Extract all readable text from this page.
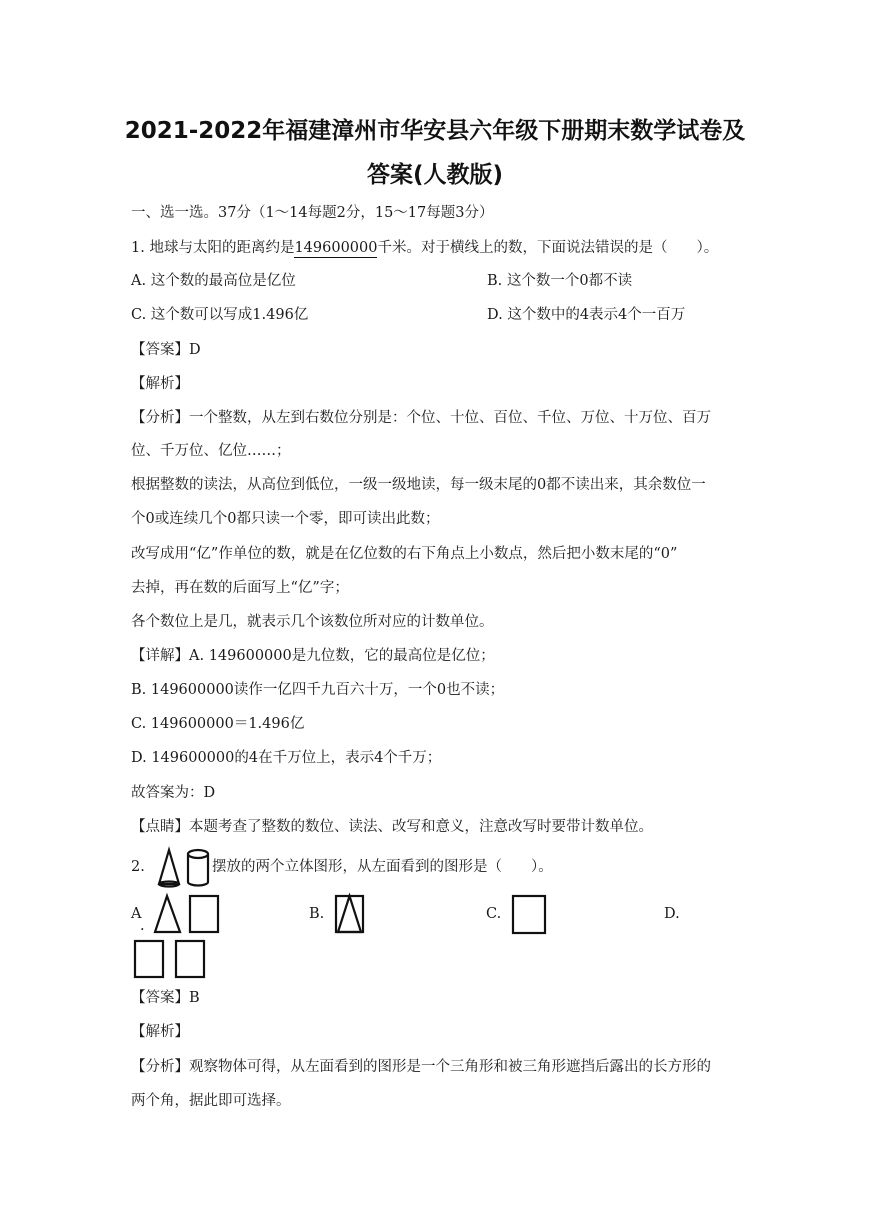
2021-2022年福建漳州市华安县六年级下册期末数学试卷及
答案(人教版)
一、选一选。37分（1～14每题2分，15～17每题3分）
1. 地球与太阳的距离约是149600000千米。对于横线上的数，下面说法错误的是（　　）。
A. 这个数的最高位是亿位	B. 这个数一个0都不读
C. 这个数可以写成1.496亿	D. 这个数中的4表示4个一百万
【答案】D
【解析】
【分析】一个整数，从左到右数位分别是：个位、十位、百位、千位、万位、十万位、百万
位、千万位、亿位……；
根据整数的读法，从高位到低位，一级一级地读，每一级末尾的0都不读出来，其余数位一
个0或连续几个0都只读一个零，即可读出此数；
改写成用“亿”作单位的数，就是在亿位数的右下角点上小数点，然后把小数末尾的“0”
去掉，再在数的后面写上“亿”字；
各个数位上是几，就表示几个该数位所对应的计数单位。
【详解】A. 149600000是九位数，它的最高位是亿位；
B. 149600000读作一亿四千九百六十万，一个0也不读；
C. 149600000＝1.496亿
D. 149600000的4在千万位上，表示4个千万；
故答案为：D
【点睛】本题考查了整数的数位、读法、改写和意义，注意改写时要带计数单位。
2.	摆放的两个立体图形，从左面看到的图形是（　　）。
A
.
B.	C.	D.
【答案】B
【解析】
【分析】观察物体可得，从左面看到的图形是一个三角形和被三角形遮挡后露出的长方形的
两个角，据此即可选择。
